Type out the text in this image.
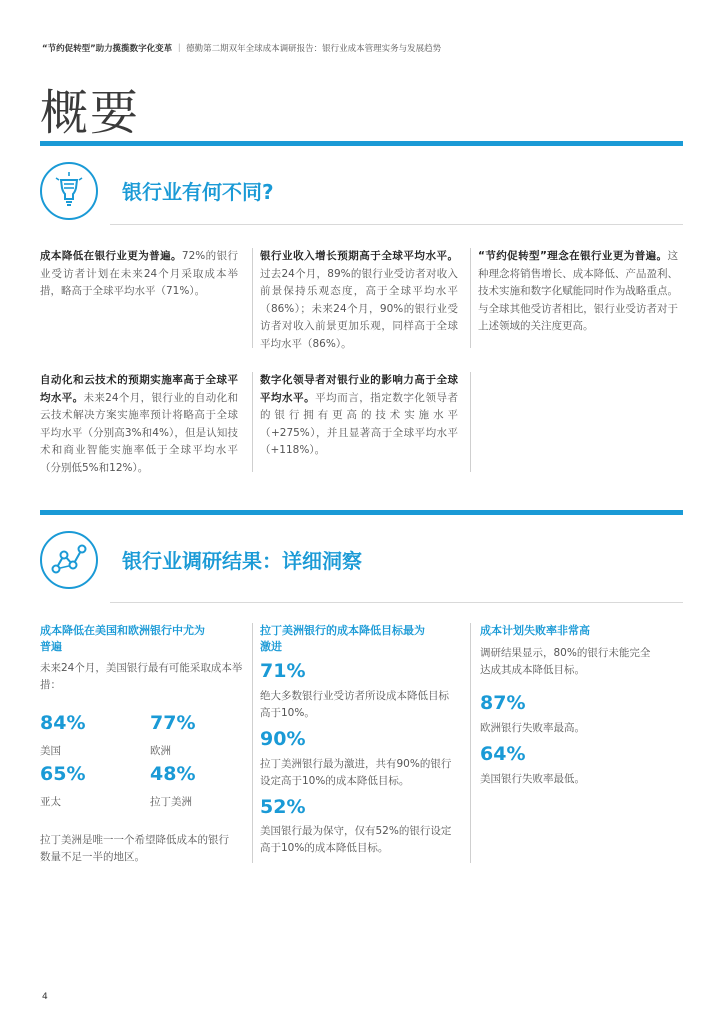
“节约促转型”助力揽揽数字化变革 ｜ 德勤第二期双年全球成本调研报告：银行业成本管理实务与发展趋势
概要
银行业有何不同?
成本降低在银行业更为普遍。72%的银行业受访者计划在未来24个月采取成本举措，略高于全球平均水平（71%）。
银行业收入增长预期高于全球平均水平。过去24个月，89%的银行业受访者对收入前景保持乐观态度，高于全球平均水平（86%）；未来24个月，90%的银行业受访者对收入前景更加乐观，同样高于全球平均水平（86%）。
“节约促转型”理念在银行业更为普遍。这种理念将销售增长、成本降低、产品盈利、技术实施和数字化赋能同时作为战略重点。与全球其他受访者相比，银行业受访者对于上述领域的关注度更高。
自动化和云技术的预期实施率高于全球平均水平。未来24个月，银行业的自动化和云技术解决方案实施率预计将略高于全球平均水平（分别高3%和4%），但是认知技术和商业智能实施率低于全球平均水平（分别低5%和12%）。
数字化领导者对银行业的影响力高于全球平均水平。平均而言，指定数字化领导者的银行拥有更高的技术实施水平（+275%），并且显著高于全球平均水平（+118%）。
银行业调研结果：详细洞察
成本降低在美国和欧洲银行中尤为普遍
未来24个月，美国银行最有可能采取成本举措：
84%
美国
77%
欧洲
65%
亚太
48%
拉丁美洲
拉丁美洲是唯一一个希望降低成本的银行数量不足一半的地区。
拉丁美洲银行的成本降低目标最为激进
71%
绝大多数银行业受访者所设成本降低目标高于10%。
90%
拉丁美洲银行最为激进，共有90%的银行设定高于10%的成本降低目标。
52%
美国银行最为保守，仅有52%的银行设定高于10%的成本降低目标。
成本计划失败率非常高
调研结果显示，80%的银行未能完全达成其成本降低目标。
87%
欧洲银行失败率最高。
64%
美国银行失败率最低。
4
